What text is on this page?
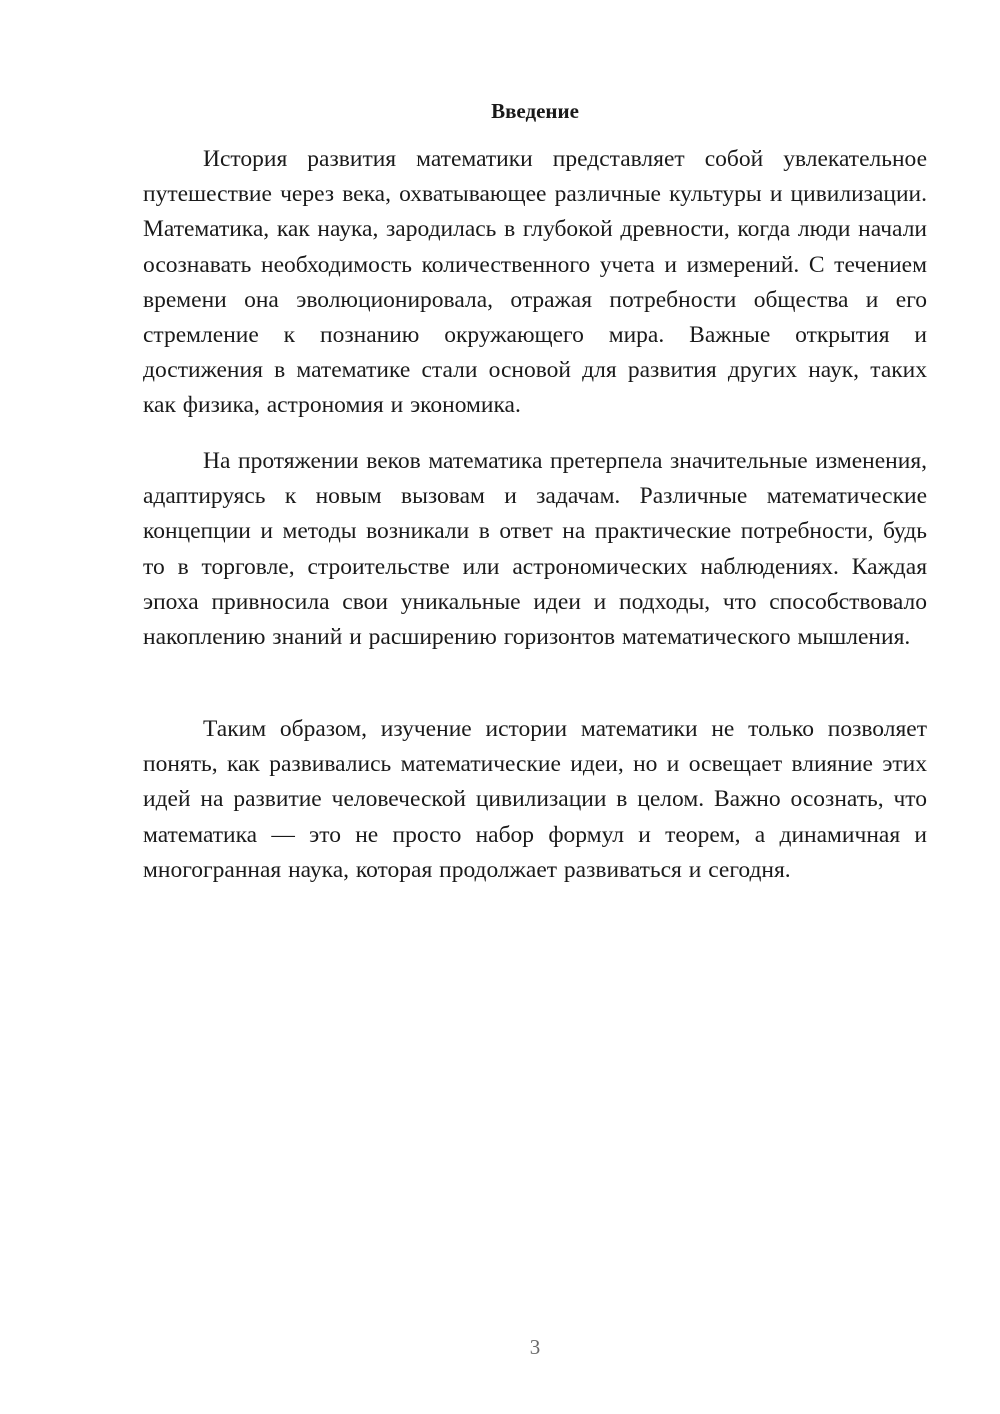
Введение

История развития математики представляет собой увлекательное путешествие через века, охватывающее различные культуры и цивилизации. Математика, как наука, зародилась в глубокой древности, когда люди начали осознавать необходимость количественного учета и измерений. С течением времени она эволюционировала, отражая потребности общества и его стремление к познанию окружающего мира. Важные открытия и достижения в математике стали основой для развития других наук, таких как физика, астрономия и экономика.

На протяжении веков математика претерпела значительные изменения, адаптируясь к новым вызовам и задачам. Различные математические концепции и методы возникали в ответ на практические потребности, будь то в торговле, строительстве или астрономических наблюдениях. Каждая эпоха привносила свои уникальные идеи и подходы, что способствовало накоплению знаний и расширению горизонтов математического мышления.

Таким образом, изучение истории математики не только позволяет понять, как развивались математические идеи, но и освещает влияние этих идей на развитие человеческой цивилизации в целом. Важно осознать, что математика — это не просто набор формул и теорем, а динамичная и многогранная наука, которая продолжает развиваться и сегодня.

3
